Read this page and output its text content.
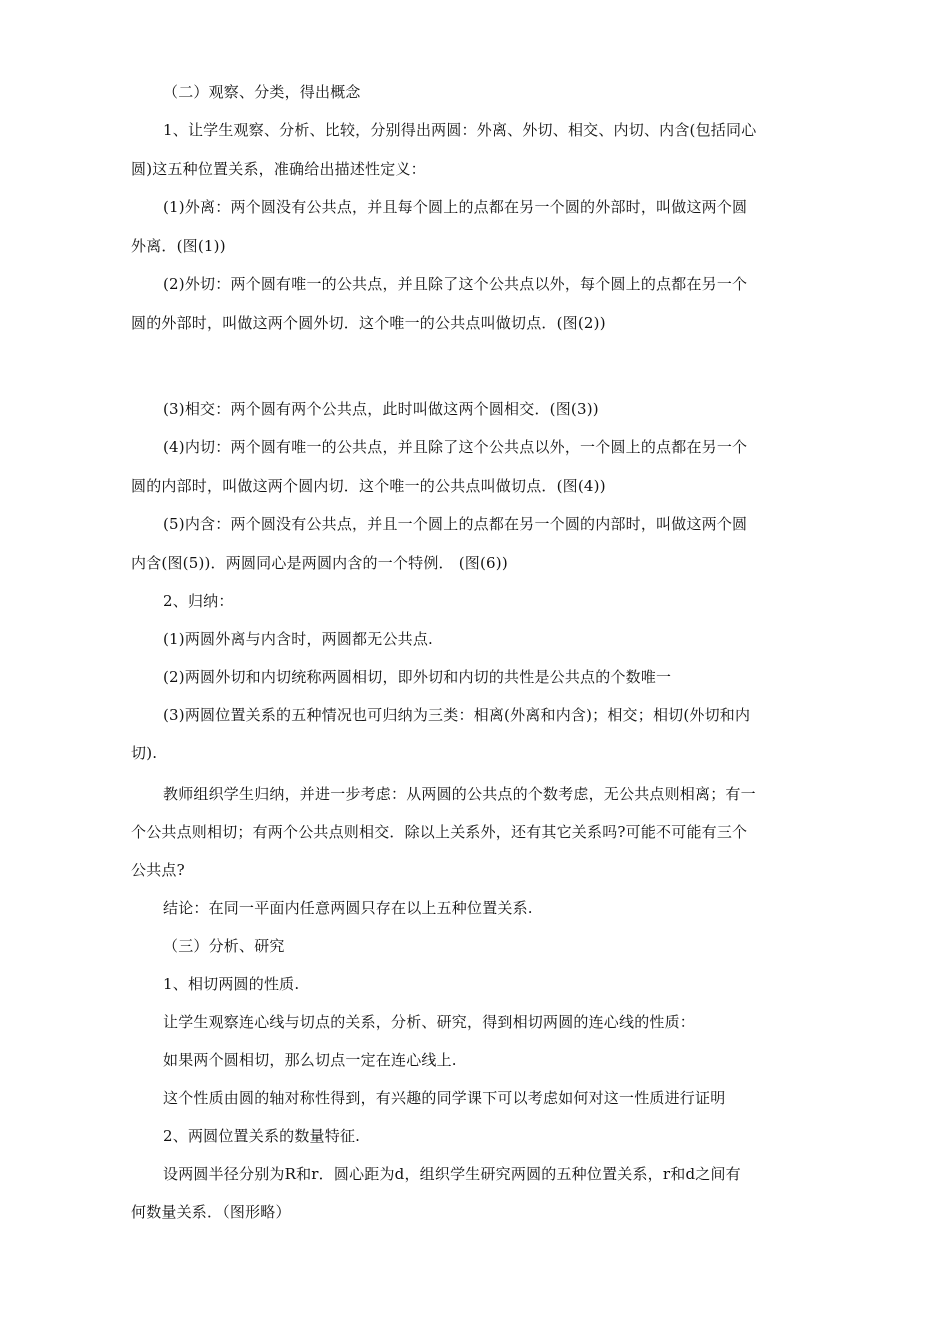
（二）观察、分类，得出概念
1、让学生观察、分析、比较，分别得出两圆：外离、外切、相交、内切、内含(包括同心
圆)这五种位置关系，准确给出描述性定义：
(1)外离：两个圆没有公共点，并且每个圆上的点都在另一个圆的外部时，叫做这两个圆
外离．(图(1))
(2)外切：两个圆有唯一的公共点，并且除了这个公共点以外，每个圆上的点都在另一个
圆的外部时，叫做这两个圆外切．这个唯一的公共点叫做切点．(图(2))
(3)相交：两个圆有两个公共点，此时叫做这两个圆相交．(图(3))
(4)内切：两个圆有唯一的公共点，并且除了这个公共点以外，一个圆上的点都在另一个
圆的内部时，叫做这两个圆内切．这个唯一的公共点叫做切点．(图(4))
(5)内含：两个圆没有公共点，并且一个圆上的点都在另一个圆的内部时，叫做这两个圆
内含(图(5))．两圆同心是两圆内含的一个特例． (图(6))
2、归纳：
(1)两圆外离与内含时，两圆都无公共点.
(2)两圆外切和内切统称两圆相切，即外切和内切的共性是公共点的个数唯一
(3)两圆位置关系的五种情况也可归纳为三类：相离(外离和内含)；相交；相切(外切和内
切).
教师组织学生归纳，并进一步考虑：从两圆的公共点的个数考虑，无公共点则相离；有一
个公共点则相切；有两个公共点则相交．除以上关系外，还有其它关系吗?可能不可能有三个
公共点?
结论：在同一平面内任意两圆只存在以上五种位置关系.
（三）分析、研究
1、相切两圆的性质.
让学生观察连心线与切点的关系，分析、研究，得到相切两圆的连心线的性质：
如果两个圆相切，那么切点一定在连心线上.
这个性质由圆的轴对称性得到，有兴趣的同学课下可以考虑如何对这一性质进行证明
2、两圆位置关系的数量特征.
设两圆半径分别为R和r．圆心距为d，组织学生研究两圆的五种位置关系，r和d之间有
何数量关系．（图形略）
